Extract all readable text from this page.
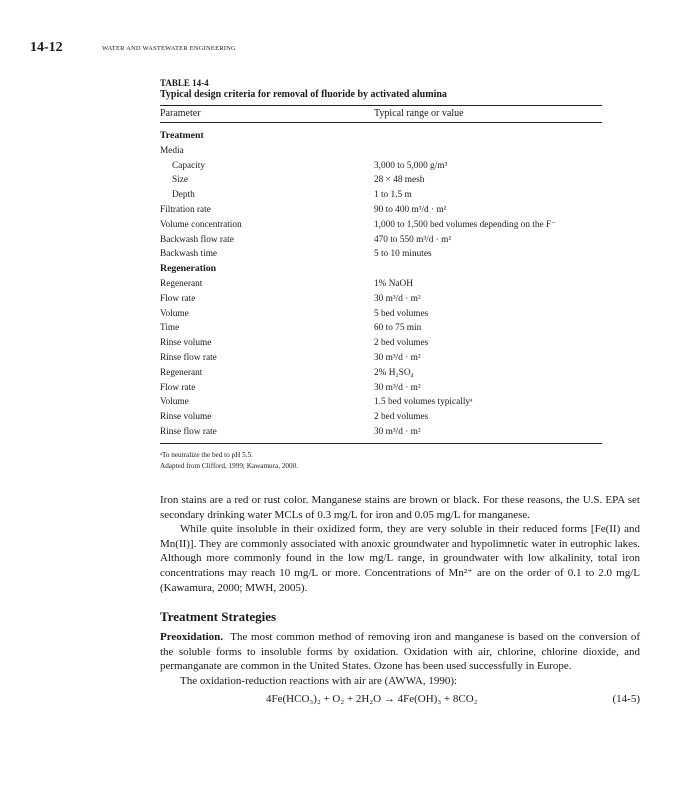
14-12	WATER AND WASTEWATER ENGINEERING
TABLE 14-4
Typical design criteria for removal of fluoride by activated alumina
Parameter	Typical range or value
Treatment
Media
Capacity	3,000 to 5,000 g/m³
Size	28 × 48 mesh
Depth	1 to 1.5 m
Filtration rate	90 to 400 m³/d · m²
Volume concentration	1,000 to 1,500 bed volumes depending on the F⁻
Backwash flow rate	470 to 550 m³/d · m²
Backwash time	5 to 10 minutes
Regeneration
Regenerant	1% NaOH
Flow rate	30 m³/d · m²
Volume	5 bed volumes
Time	60 to 75 min
Rinse volume	2 bed volumes
Rinse flow rate	30 m³/d · m²
Regenerant	2% H₂SO₄
Flow rate	30 m³/d · m²
Volume	1.5 bed volumes typicallyᵃ
Rinse volume	2 bed volumes
Rinse flow rate	30 m³/d · m²
ᵃTo neutralize the bed to pH 5.5.
Adapted from Clifford, 1999; Kawamura, 2000.

Iron stains are a red or rust color. Manganese stains are brown or black. For these reasons, the U.S. EPA set secondary drinking water MCLs of 0.3 mg/L for iron and 0.05 mg/L for manganese.

While quite insoluble in their oxidized form, they are very soluble in their reduced forms [Fe(II) and Mn(II)]. They are commonly associated with anoxic groundwater and hypolimnetic water in eutrophic lakes. Although more commonly found in the low mg/L range, in groundwater with low alkalinity, total iron concentrations may reach 10 mg/L or more. Concentrations of Mn²⁺ are on the order of 0.1 to 2.0 mg/L (Kawamura, 2000; MWH, 2005).

Treatment Strategies

Preoxidation. The most common method of removing iron and manganese is based on the conversion of the soluble forms to insoluble forms by oxidation. Oxidation with air, chlorine, chlorine dioxide, and permanganate are common in the United States. Ozone has been used successfully in Europe.

The oxidation-reduction reactions with air are (AWWA, 1990):

4Fe(HCO₃)₂ + O₂ + 2H₂O → 4Fe(OH)₃ + 8CO₂	(14-5)
